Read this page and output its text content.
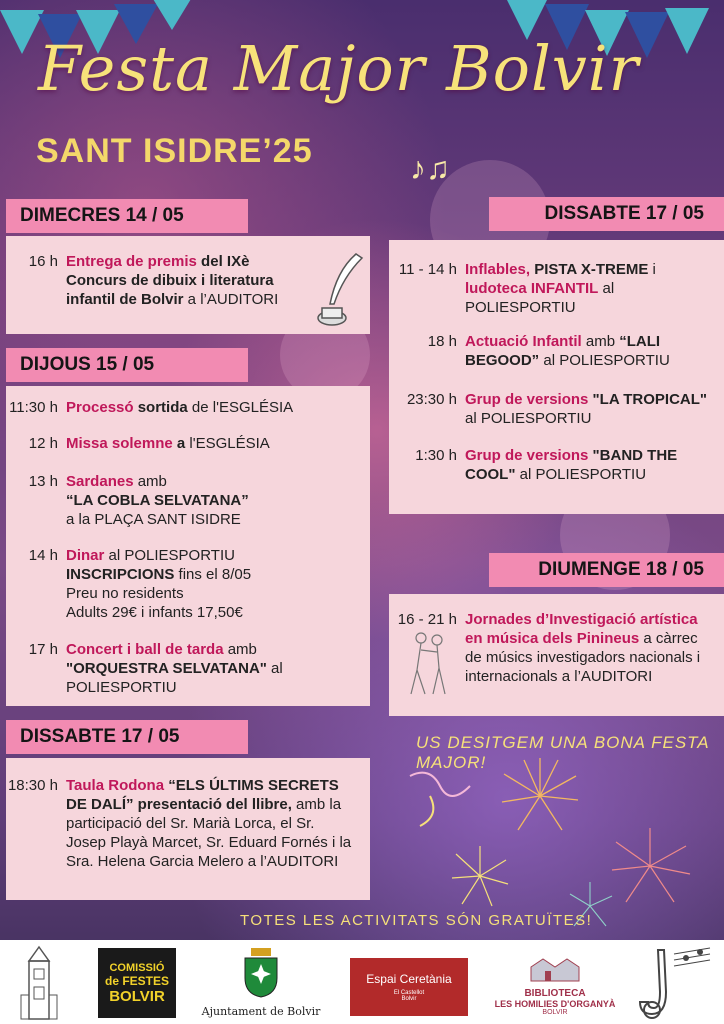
Festa Major Bolvir
SANT ISIDRE’25	♪♫
DIMECRES 14 / 05
16 h Entrega de premis del IXè Concurs de dibuix i literatura infantil de Bolvir a l’AUDITORI
DIJOUS 15 / 05
11:30 h Processó sortida de l'ESGLÉSIA
12 h Missa solemne a l'ESGLÉSIA
13 h Sardanes amb
“LA COBLA SELVATANA”
a la PLAÇA SANT ISIDRE
14 h Dinar al POLIESPORTIU
INSCRIPCIONS fins el 8/05
Preu no residents
Adults 29€ i infants 17,50€
17 h Concert i ball de tarda amb
"ORQUESTRA SELVATANA" al
POLIESPORTIU
DISSABTE 17 / 05
18:30 h Taula Rodona “ELS ÚLTIMS SECRETS DE DALÍ” presentació del llibre, amb la participació del Sr. Marià Lorca, el Sr. Josep Playà Marcet, Sr. Eduard Fornés i la Sra. Helena Garcia Melero a l’AUDITORI
DISSABTE 17 / 05
11 - 14 h Inflables, PISTA X-TREME i
ludoteca INFANTIL al
POLIESPORTIU
18 h Actuació Infantil amb “LALI BEGOOD” al POLIESPORTIU
23:30 h Grup de versions "LA TROPICAL"
al POLIESPORTIU
1:30 h Grup de versions "BAND THE COOL" al POLIESPORTIU
DIUMENGE 18 / 05
16 - 21 h Jornades d’Investigació artística en música dels Pinineus a càrrec de músics investigadors nacionals i internacionals a l’AUDITORI
US DESITGEM UNA BONA FESTA MAJOR!
TOTES LES ACTIVITATS SÓN GRATUÏTES!
COMISSIÓ
de FESTES
BOLVIR
Ajuntament de Bolvir
Espai Ceretània
El Castellot
Bolvir
BIBLIOTECA
LES HOMILIES D'ORGANYÀ
BOLVIR
